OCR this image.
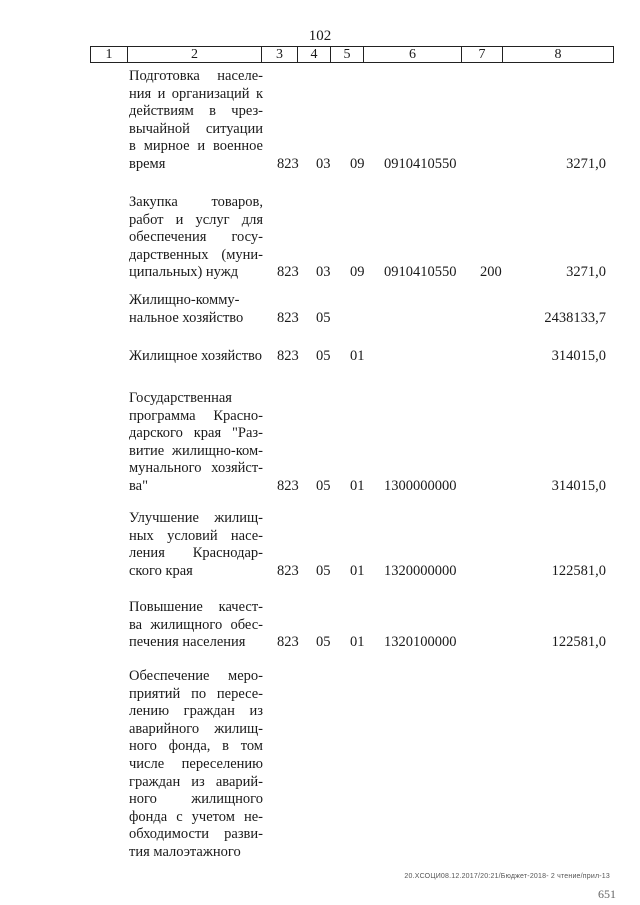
102
1	2	3	4	5	6	7	8
Подготовка населе-
ния и организаций к
действиям в чрез-
вычайной ситуации
в мирное и военное
время	823 03 09 0910410550	3271,0
Закупка товаров,
работ и услуг для
обеспечения госу-
дарственных (муни-
ципальных) нужд	823 03 09 0910410550 200	3271,0
Жилищно-комму-
нальное хозяйство	823 05	2438133,7
Жилищное хозяйство 823 05 01	314015,0
Государственная
программа Красно-
дарского края "Раз-
витие жилищно-ком-
мунального хозяйст-
ва"	823 05 01 1300000000	314015,0
Улучшение жилищ-
ных условий насе-
ления Краснодар-
ского края	823 05 01 1320000000	122581,0
Повышение качест-
ва жилищного обес-
печения населения	823 05 01 1320100000	122581,0
Обеспечение меро-
приятий по пересе-
лению граждан из
аварийного жилищ-
ного фонда, в том
числе переселению
граждан из аварий-
ного жилищного
фонда с учетом не-
обходимости разви-
тия малоэтажного
20.XСОЦИ08.12.2017/20:21/Бюджет-2018- 2 чтение/прил-13
651
